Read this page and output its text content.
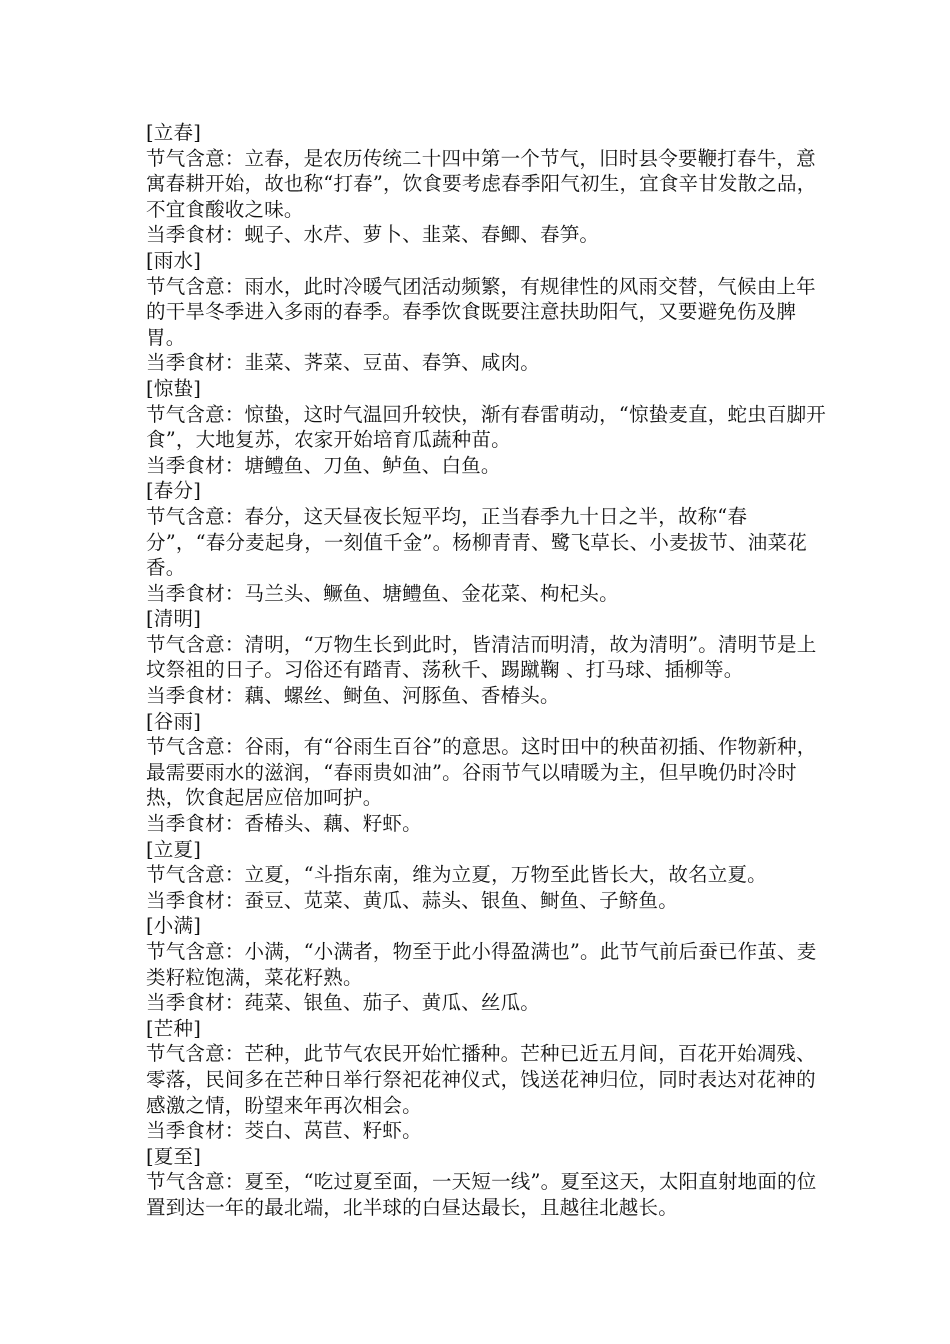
[立春]
节气含意：立春，是农历传统二十四中第一个节气，旧时县令要鞭打春牛，意寓春耕开始，故也称“打春”，饮食要考虑春季阳气初生，宜食辛甘发散之品，不宜食酸收之味。
当季食材：蚬子、水芹、萝卜、韭菜、春鲫、春笋。
[雨水]
节气含意：雨水，此时冷暖气团活动频繁，有规律性的风雨交替，气候由上年的干旱冬季进入多雨的春季。春季饮食既要注意扶助阳气，又要避免伤及脾胃。
当季食材：韭菜、荠菜、豆苗、春笋、咸肉。
[惊蛰]
节气含意：惊蛰，这时气温回升较快，渐有春雷萌动，“惊蛰麦直，蛇虫百脚开食”，大地复苏，农家开始培育瓜蔬种苗。
当季食材：塘鳢鱼、刀鱼、鲈鱼、白鱼。
[春分]
节气含意：春分，这天昼夜长短平均，正当春季九十日之半，故称“春分”，“春分麦起身，一刻值千金”。杨柳青青、鹭飞草长、小麦拔节、油菜花香。
当季食材：马兰头、鳜鱼、塘鳢鱼、金花菜、枸杞头。
[清明]
节气含意：清明，“万物生长到此时，皆清洁而明清，故为清明”。清明节是上坟祭祖的日子。习俗还有踏青、荡秋千、踢蹴鞠 、打马球、插柳等。
当季食材：藕、螺丝、鲥鱼、河豚鱼、香椿头。
[谷雨]
节气含意：谷雨，有“谷雨生百谷”的意思。这时田中的秧苗初插、作物新种，最需要雨水的滋润，“春雨贵如油”。谷雨节气以晴暖为主，但早晚仍时冷时热，饮食起居应倍加呵护。
当季食材：香椿头、藕、籽虾。
[立夏]
节气含意：立夏，“斗指东南，维为立夏，万物至此皆长大，故名立夏。
当季食材：蚕豆、苋菜、黄瓜、蒜头、银鱼、鲥鱼、子鲚鱼。
[小满]
节气含意：小满，“小满者，物至于此小得盈满也”。此节气前后蚕已作茧、麦类籽粒饱满，菜花籽熟。
当季食材：莼菜、银鱼、茄子、黄瓜、丝瓜。
[芒种]
节气含意：芒种，此节气农民开始忙播种。芒种已近五月间，百花开始凋残、零落，民间多在芒种日举行祭祀花神仪式，饯送花神归位，同时表达对花神的感激之情，盼望来年再次相会。
当季食材：茭白、莴苣、籽虾。
[夏至]
节气含意：夏至，“吃过夏至面，一天短一线”。夏至这天，太阳直射地面的位置到达一年的最北端，北半球的白昼达最长，且越往北越长。
